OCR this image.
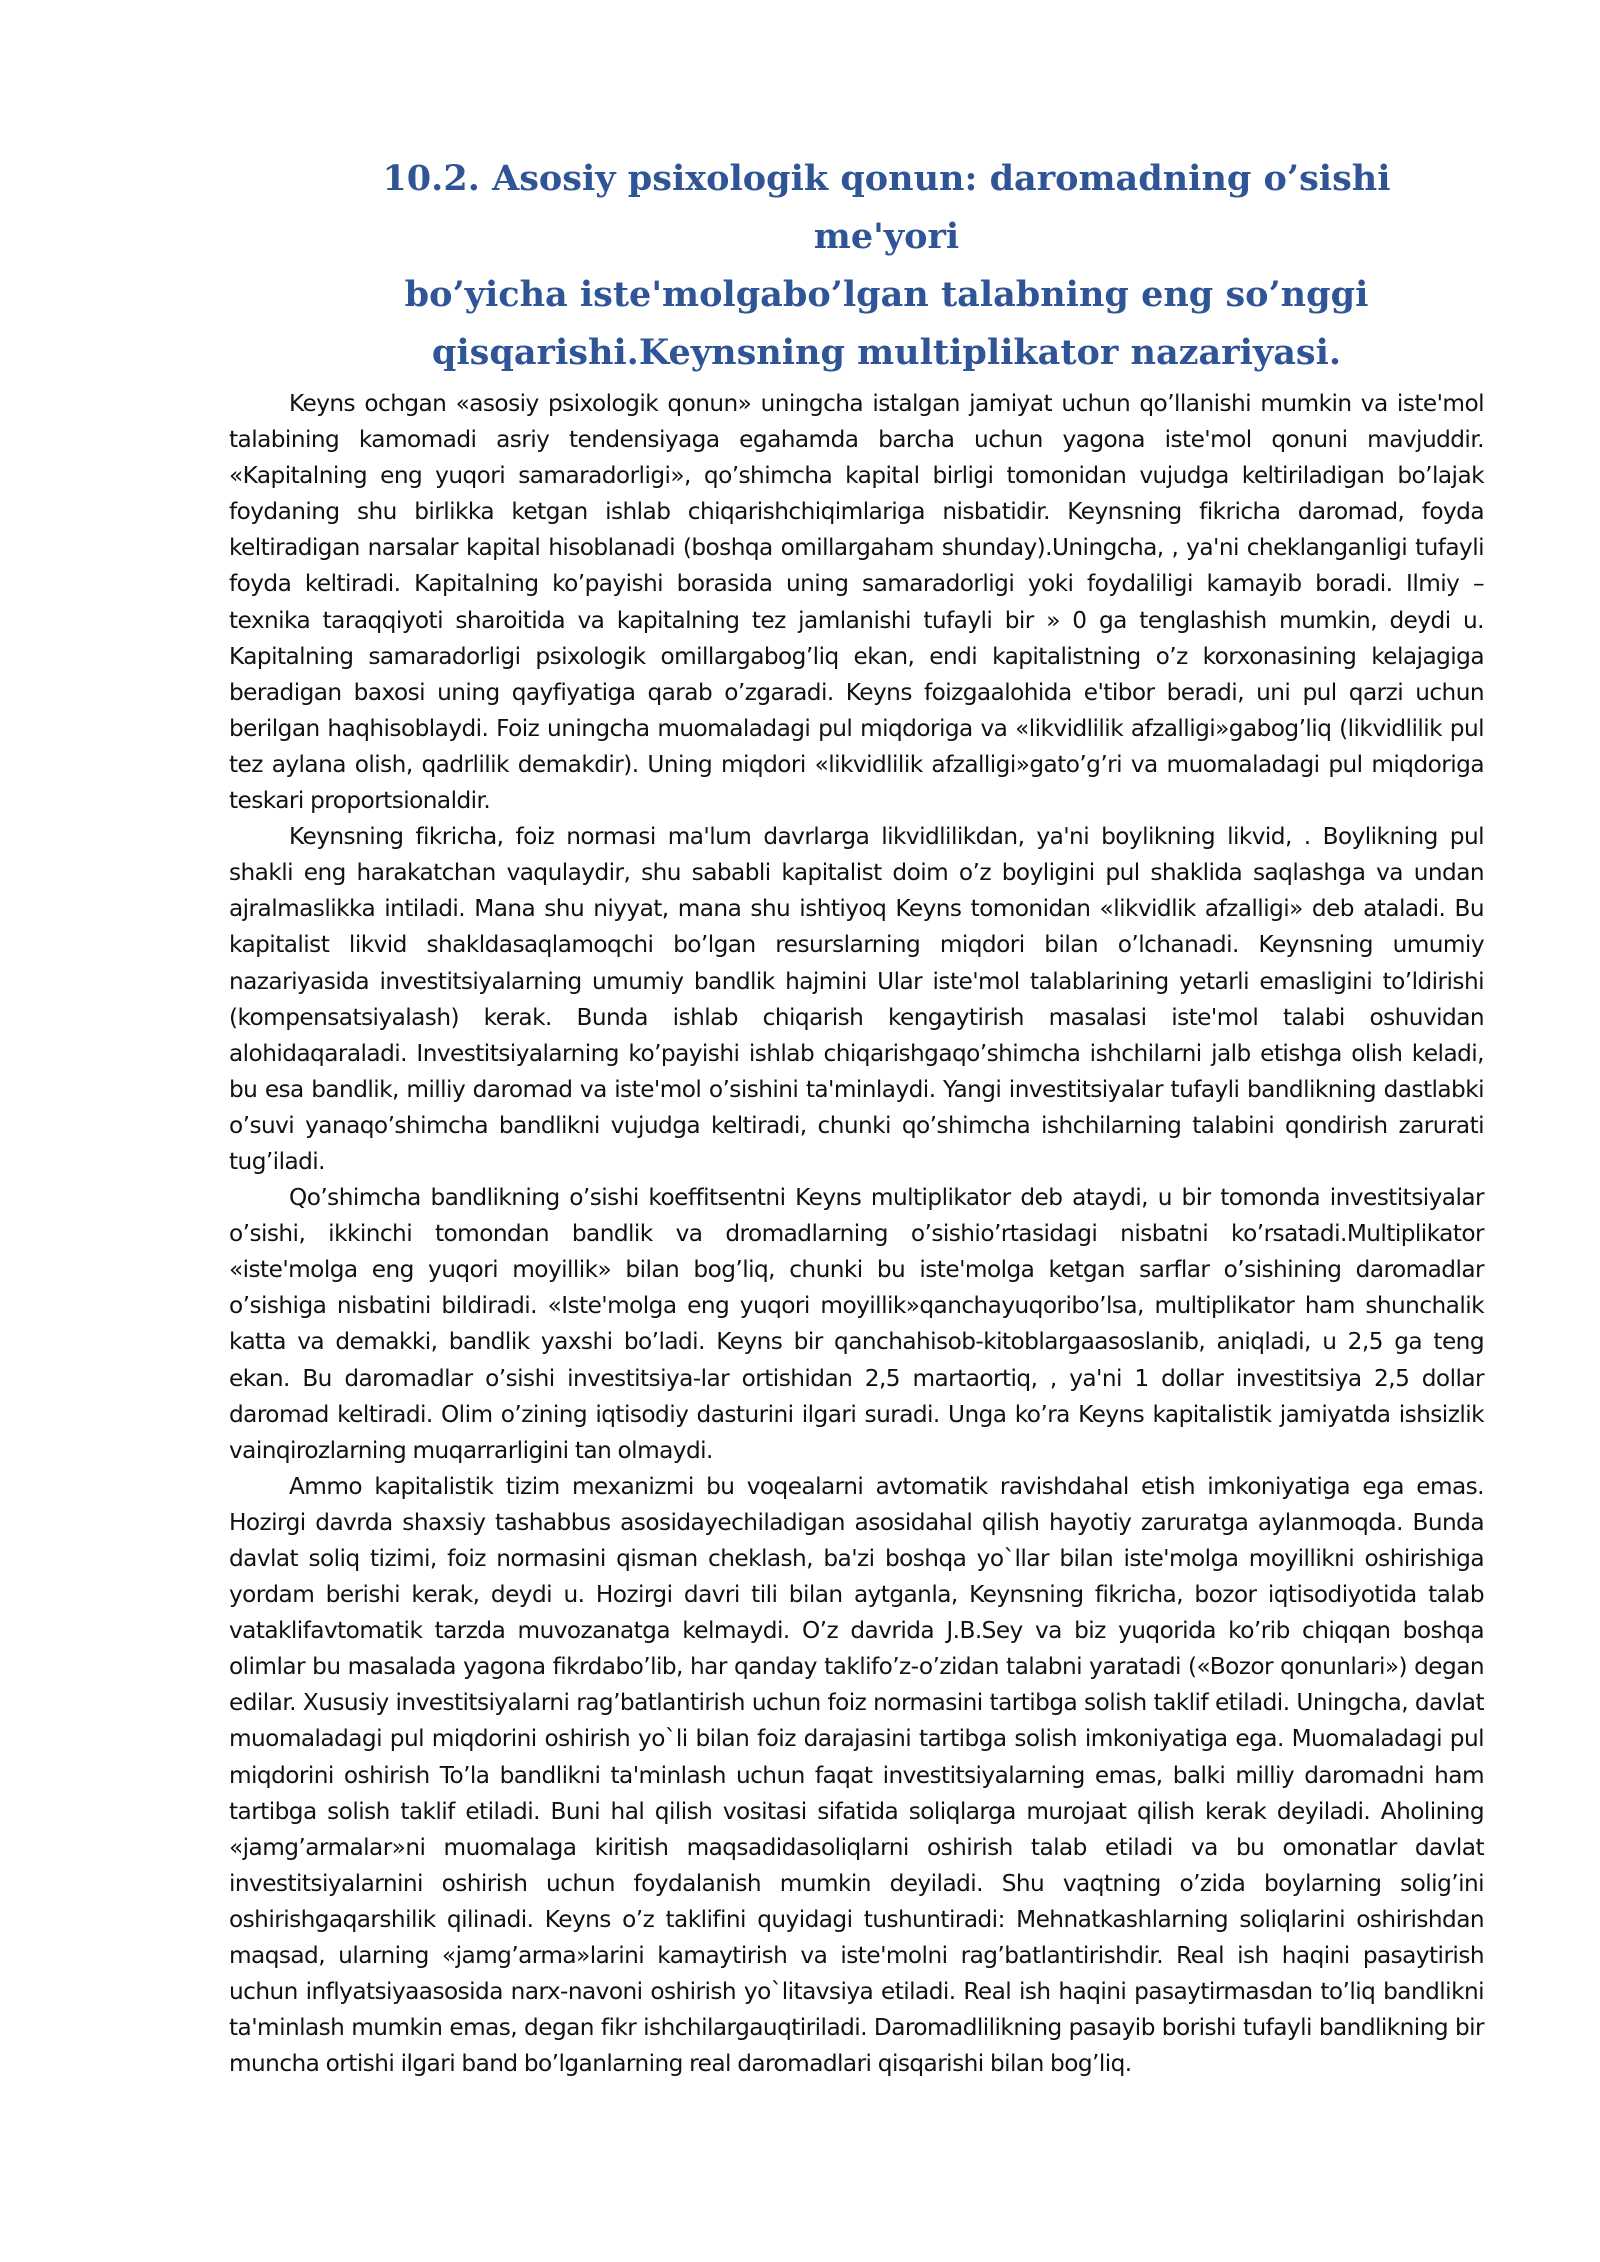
10.2. Asosiy psixologik qonun: daromadning o’sishi me'yori
bo’yicha iste'molgabo’lgan talabning eng so’nggi
qisqarishi.Keynsning multiplikator nazariyasi.

Keyns ochgan «asosiy psixologik qonun» uningcha istalgan jamiyat uchun qo’llanishi mumkin va iste'mol talabining kamomadi asriy tendensiyaga egahamda barcha uchun yagona iste'mol qonuni mavjuddir. «Kapitalning eng yuqori samaradorligi», qo’shimcha kapital birligi tomonidan vujudga keltiriladigan bo’lajak foydaning shu birlikka ketgan ishlab chiqarishchiqimlariga nisbatidir. Keynsning fikricha daromad, foyda keltiradigan narsalar kapital hisoblanadi (boshqa omillargaham shunday).Uningcha, , ya'ni cheklanganligi tufayli foyda keltiradi. Kapitalning ko’payishi borasida uning samaradorligi yoki foydaliligi kamayib boradi. Ilmiy – texnika taraqqiyoti sharoitida va kapitalning tez jamlanishi tufayli bir » 0 ga tenglashish mumkin, deydi u. Kapitalning samaradorligi psixologik omillargabog’liq ekan, endi kapitalistning o’z korxonasining kelajagiga beradigan baxosi uning qayfiyatiga qarab o’zgaradi. Keyns foizgaalohida e'tibor beradi, uni pul qarzi uchun berilgan haqhisoblaydi. Foiz uningcha muomaladagi pul miqdoriga va «likvidlilik afzalligi»gabog’liq (likvidlilik pul tez aylana olish, qadrlilik demakdir). Uning miqdori «likvidlilik afzalligi»gato’g’ri va muomaladagi pul miqdoriga teskari proportsionaldir.

Keynsning fikricha, foiz normasi ma'lum davrlarga likvidlilikdan, ya'ni boylikning likvid, . Boylikning pul shakli eng harakatchan vaqulaydir, shu sababli kapitalist doim o’z boyligini pul shaklida saqlashga va undan ajralmaslikka intiladi. Mana shu niyyat, mana shu ishtiyoq Keyns tomonidan «likvidlik afzalligi» deb ataladi. Bu kapitalist likvid shakldasaqlamoqchi bo’lgan resurslarning miqdori bilan o’lchanadi. Keynsning umumiy nazariyasida investitsiyalarning umumiy bandlik hajmini Ular iste'mol talablarining yetarli emasligini to’ldirishi (kompensatsiyalash) kerak. Bunda ishlab chiqarish kengaytirish masalasi iste'mol talabi oshuvidan alohidaqaraladi. Investitsiyalarning ko’payishi ishlab chiqarishgaqo’shimcha ishchilarni jalb etishga olish keladi, bu esa bandlik, milliy daromad va iste'mol o’sishini ta'minlaydi. Yangi investitsiyalar tufayli bandlikning dastlabki o’suvi yanaqo’shimcha bandlikni vujudga keltiradi, chunki qo’shimcha ishchilarning talabini qondirish zarurati tug’iladi.

Qo’shimcha bandlikning o’sishi koeffitsentni Keyns multiplikator deb ataydi, u bir tomonda investitsiyalar o’sishi, ikkinchi tomondan bandlik va dromadlarning o’sishio’rtasidagi nisbatni ko’rsatadi.Multiplikator «iste'molga eng yuqori moyillik» bilan bog’liq, chunki bu iste'molga ketgan sarflar o’sishining daromadlar o’sishiga nisbatini bildiradi. «Iste'molga eng yuqori moyillik»qanchayuqoribo’lsa, multiplikator ham shunchalik katta va demakki, bandlik yaxshi bo’ladi. Keyns bir qanchahisob-kitoblargaasoslanib, aniqladi, u 2,5 ga teng ekan. Bu daromadlar o’sishi investitsiya-lar ortishidan 2,5 martaortiq, , ya'ni 1 dollar investitsiya 2,5 dollar daromad keltiradi. Olim o’zining iqtisodiy dasturini ilgari suradi. Unga ko’ra Keyns kapitalistik jamiyatda ishsizlik vainqirozlarning muqarrarligini tan olmaydi.

Ammo kapitalistik tizim mexanizmi bu voqealarni avtomatik ravishdahal etish imkoniyatiga ega emas. Hozirgi davrda shaxsiy tashabbus asosidayechiladigan asosidahal qilish hayotiy zaruratga aylanmoqda. Bunda davlat soliq tizimi, foiz normasini qisman cheklash, ba'zi boshqa yo`llar bilan iste'molga moyillikni oshirishiga yordam berishi kerak, deydi u. Hozirgi davri tili bilan aytganla, Keynsning fikricha, bozor iqtisodiyotida talab vataklifavtomatik tarzda muvozanatga kelmaydi. O’z davrida J.B.Sey va biz yuqorida ko’rib chiqqan boshqa olimlar bu masalada yagona fikrdabo’lib, har qanday taklifo’z-o’zidan talabni yaratadi («Bozor qonunlari») degan edilar. Xususiy investitsiyalarni rag’batlantirish uchun foiz normasini tartibga solish taklif etiladi. Uningcha, davlat muomaladagi pul miqdorini oshirish yo`li bilan foiz darajasini tartibga solish imkoniyatiga ega. Muomaladagi pul miqdorini oshirish To’la bandlikni ta'minlash uchun faqat investitsiyalarning emas, balki milliy daromadni ham tartibga solish taklif etiladi. Buni hal qilish vositasi sifatida soliqlarga murojaat qilish kerak deyiladi. Aholining «jamg’armalar»ni muomalaga kiritish maqsadidasoliqlarni oshirish talab etiladi va bu omonatlar davlat investitsiyalarnini oshirish uchun foydalanish mumkin deyiladi. Shu vaqtning o’zida boylarning solig’ini oshirishgaqarshilik qilinadi. Keyns o’z taklifini quyidagi tushuntiradi: Mehnatkashlarning soliqlarini oshirishdan maqsad, ularning «jamg’arma»larini kamaytirish va iste'molni rag’batlantirishdir. Real ish haqini pasaytirish uchun inflyatsiyaasosida narx-navoni oshirish yo`litavsiya etiladi. Real ish haqini pasaytirmasdan to’liq bandlikni ta'minlash mumkin emas, degan fikr ishchilargauqtiriladi. Daromadlilikning pasayib borishi tufayli bandlikning bir muncha ortishi ilgari band bo’lganlarning real daromadlari qisqarishi bilan bog’liq.
